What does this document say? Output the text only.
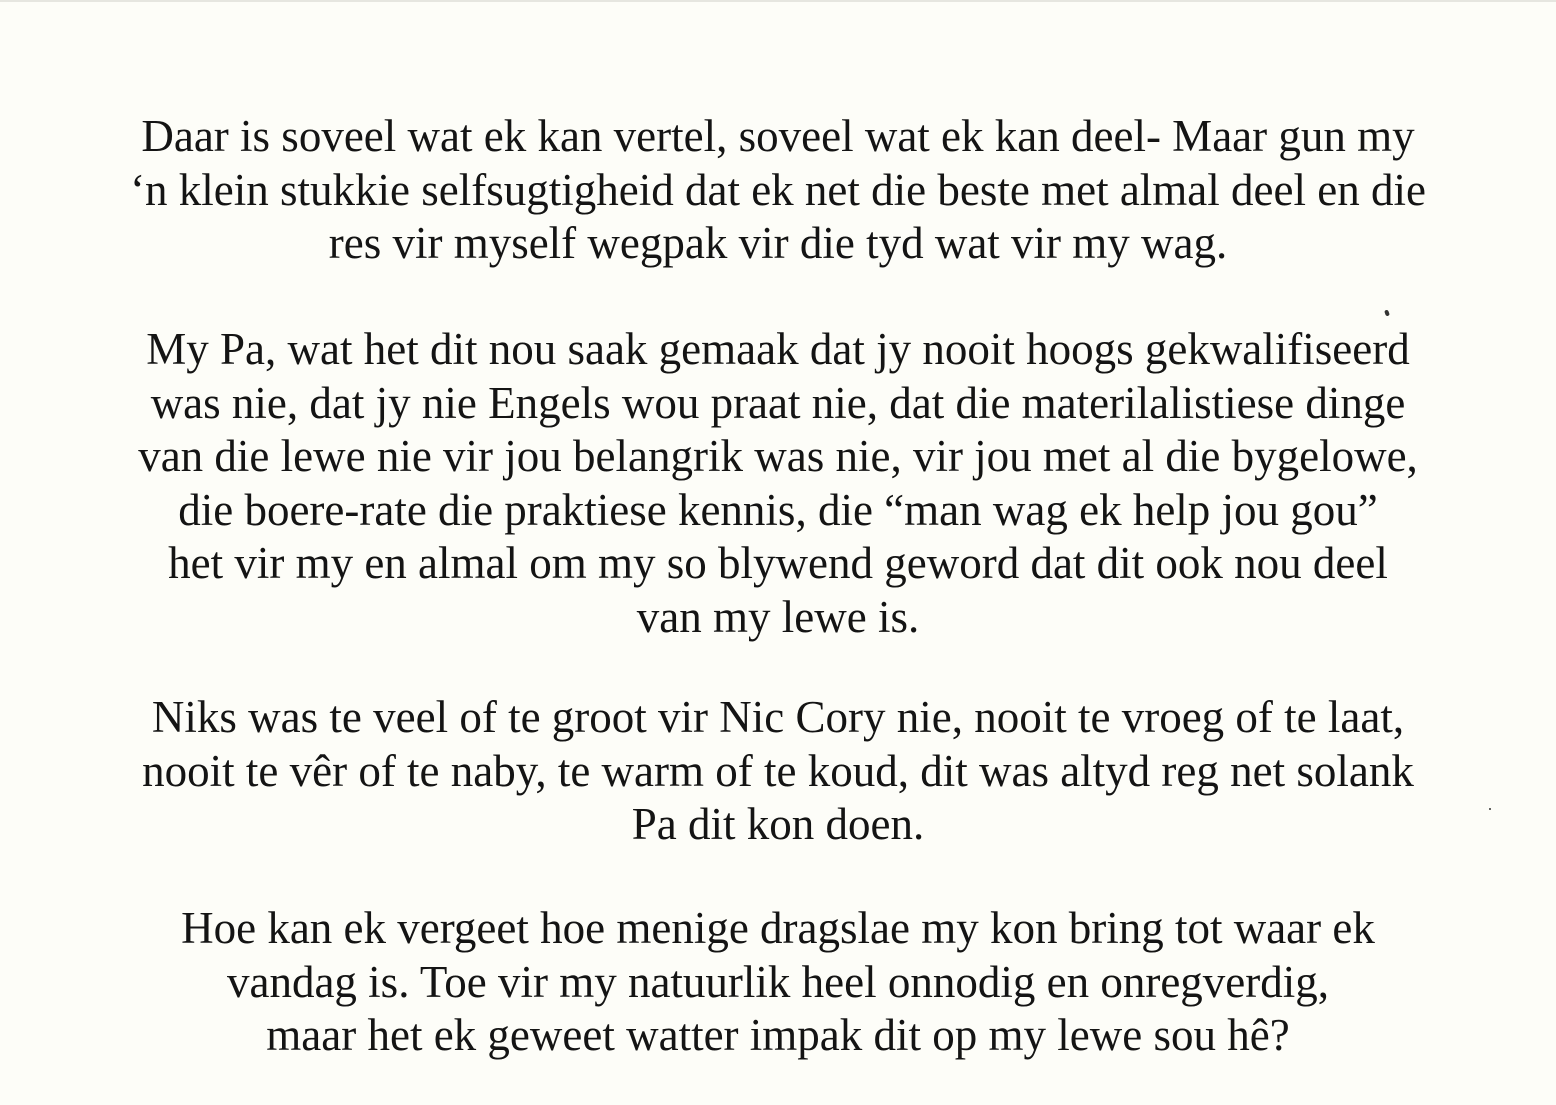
Daar is soveel wat ek kan vertel, soveel wat ek kan deel- Maar gun my
‘n klein stukkie selfsugtigheid dat ek net die beste met almal deel en die
res vir myself wegpak vir die tyd wat vir my wag.
My Pa, wat het dit nou saak gemaak dat jy nooit hoogs gekwalifiseerd
was nie, dat jy nie Engels wou praat nie, dat die materilalistiese dinge
van die lewe nie vir jou belangrik was nie, vir jou met al die bygelowe,
die boere-rate die praktiese kennis, die “man wag ek help jou gou”
het vir my en almal om my so blywend geword dat dit ook nou deel
van my lewe is.
Niks was te veel of te groot vir Nic Cory nie, nooit te vroeg of te laat,
nooit te vêr of te naby, te warm of te koud, dit was altyd reg net solank
Pa dit kon doen.
Hoe kan ek vergeet hoe menige dragslae my kon bring tot waar ek
vandag is. Toe vir my natuurlik heel onnodig en onregverdig,
maar het ek geweet watter impak dit op my lewe sou hê?
